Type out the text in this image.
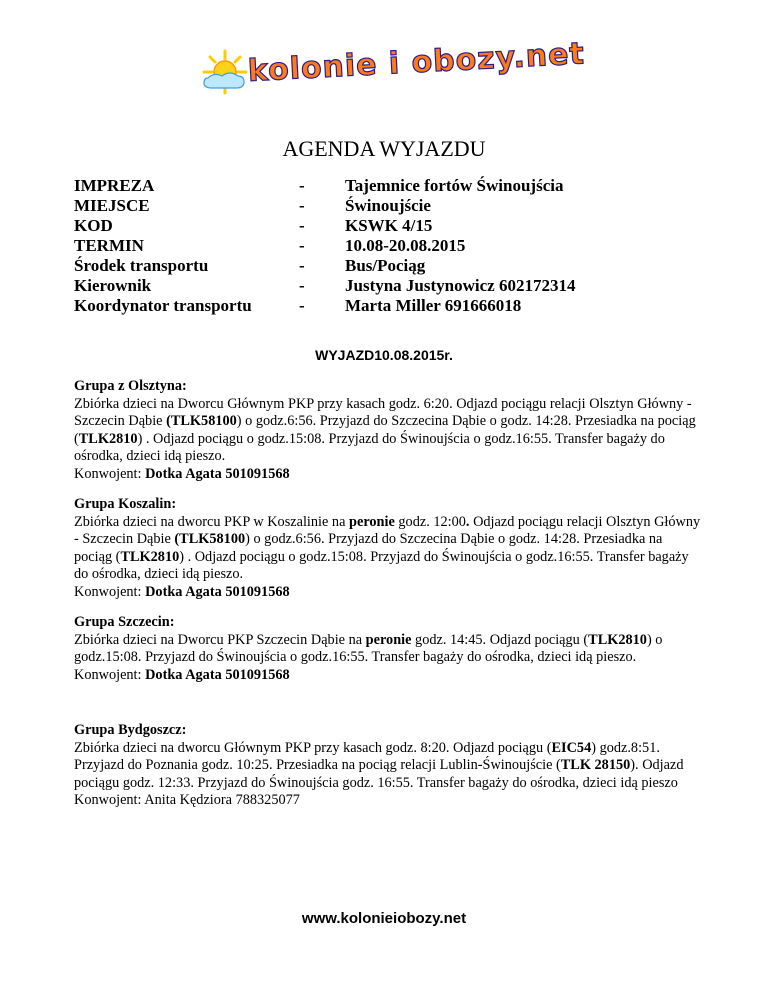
kolonie i obozy.net
AGENDA WYJAZDU
IMPREZA	-	Tajemnice fortów Świnoujścia
MIEJSCE	-	Świnoujście
KOD	-	KSWK 4/15
TERMIN	-	10.08-20.08.2015
Środek transportu	-	Bus/Pociąg
Kierownik	-	Justyna Justynowicz 602172314
Koordynator transportu	-	Marta Miller 691666018
WYJAZD10.08.2015r.
Grupa z Olsztyna:
Zbiórka dzieci na Dworcu Głównym PKP przy kasach godz. 6:20. Odjazd pociągu relacji Olsztyn Główny - Szczecin Dąbie (TLK58100) o godz.6:56. Przyjazd do Szczecina Dąbie o godz. 14:28. Przesiadka na pociąg (TLK2810) . Odjazd pociągu o godz.15:08. Przyjazd do Świnoujścia o godz.16:55. Transfer bagaży do ośrodka, dzieci idą pieszo.
Konwojent: Dotka Agata 501091568
Grupa Koszalin:
Zbiórka dzieci na dworcu PKP w Koszalinie na peronie godz. 12:00. Odjazd pociągu relacji Olsztyn Główny - Szczecin Dąbie (TLK58100) o godz.6:56. Przyjazd do Szczecina Dąbie o godz. 14:28. Przesiadka na pociąg (TLK2810) . Odjazd pociągu o godz.15:08. Przyjazd do Świnoujścia o godz.16:55. Transfer bagaży do ośrodka, dzieci idą pieszo.
Konwojent: Dotka Agata 501091568
Grupa Szczecin:
Zbiórka dzieci na Dworcu PKP Szczecin Dąbie na peronie godz. 14:45. Odjazd pociągu (TLK2810) o godz.15:08. Przyjazd do Świnoujścia o godz.16:55. Transfer bagaży do ośrodka, dzieci idą pieszo.
Konwojent: Dotka Agata 501091568
Grupa Bydgoszcz:
Zbiórka dzieci na dworcu Głównym PKP przy kasach godz. 8:20. Odjazd pociągu (EIC54) godz.8:51. Przyjazd do Poznania godz. 10:25. Przesiadka na pociąg relacji Lublin-Świnoujście (TLK 28150). Odjazd pociągu godz. 12:33. Przyjazd do Świnoujścia godz. 16:55. Transfer bagaży do ośrodka, dzieci idą pieszo
Konwojent: Anita Kędziora 788325077
www.kolonieiobozy.net
